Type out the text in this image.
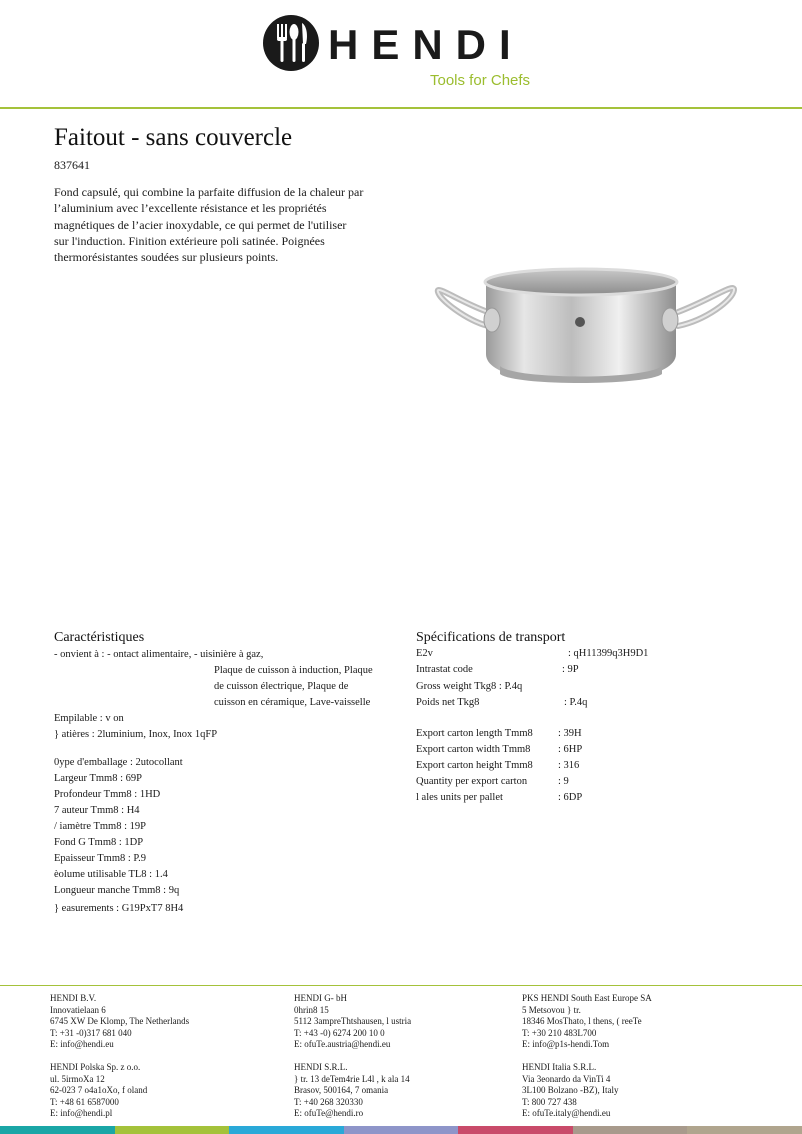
HENDI
Tools for Chefs
Faitout - sans couvercle
837641
Fond capsulé, qui combine la parfaite diffusion de la chaleur par l’aluminium avec l’excellente résistance et les propriétés magnétiques de l’acier inoxydable, ce qui permet de l'utiliser sur l'induction. Finition extérieure poli satinée. Poignées thermorésistantes soudées sur plusieurs points.
Caractéristiques
- onvient à : - ontact alimentaire, - uisinière à gaz,
Plaque de cuisson à induction, Plaque
de cuisson électrique, Plaque de
cuisson en céramique, Lave-vaisselle
Empilable : v on
} atières : 2luminium, Inox, Inox 1qFP
0ype d'emballage : 2utocollant
Largeur Tmm8 : 69P
Profondeur Tmm8 : 1HD
7 auteur Tmm8 : H4
/ iamètre Tmm8 : 19P
Fond G Tmm8 : 1DP
Epaisseur Tmm8 : P.9
èolume utilisable TL8 : 1.4
Longueur manche Tmm8 : 9q
} easurements : G19PxT7 8H4
Spécifications de transport
E2v	: qH11399q3H9D1
Intrastat code	: 9P
Gross weight Tkg8 : P.4q
Poids net Tkg8	: P.4q
Export carton length Tmm8 : 39H
Export carton width Tmm8	: 6HP
Export carton height Tmm8 : 316
Quantity per export carton	: 9
l ales units per pallet	: 6DP
HENDI B.V.
Innovatielaan 6
6745 XW De Klomp, The Netherlands
T: +31 -0)317 681 040
E: info@hendi.eu
HENDI G- bH
0hrin8 15
5112 3ampreThtshausen, l ustria
T: +43 -0) 6274 200 10 0
E: ofuTe.austria@hendi.eu
PKS HENDI South East Europe SA
5 Metsovou } tr.
18346 MosThato, l thens, ( reeTe
T: +30 210 483L700
E: info@p1s-hendi.Tom
HENDI Polska Sp. z o.o.
ul. 5irmoXa 12
62-023 7 o4a1oXo, f oland
T: +48 61 6587000
E: info@hendi.pl
HENDI S.R.L.
} tr. 13 deTem4rie L4l , k ala 14
Brasov, 500164, 7 omania
T: +40 268 320330
E: ofuTe@hendi.ro
HENDI Italia S.R.L.
Via 3eonardo da VinTi 4
3L100 Bolzano -BZ), Italy
T: 800 727 438
E: ofuTe.italy@hendi.eu
